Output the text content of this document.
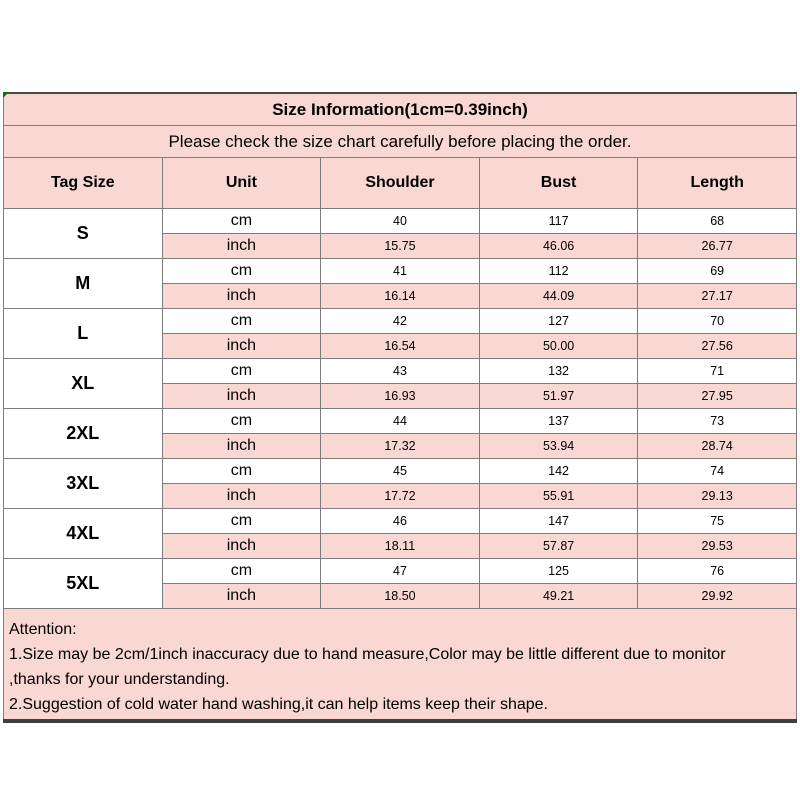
Size Information(1cm=0.39inch)				
Please check the size chart carefully before placing the order.				
Tag Size	Unit	Shoulder	Bust	Length
S	cm	40	117	68
	inch	15.75	46.06	26.77
M	cm	41	112	69
	inch	16.14	44.09	27.17
L	cm	42	127	70
	inch	16.54	50.00	27.56
XL	cm	43	132	71
	inch	16.93	51.97	27.95
2XL	cm	44	137	73
	inch	17.32	53.94	28.74
3XL	cm	45	142	74
	inch	17.72	55.91	29.13
4XL	cm	46	147	75
	inch	18.11	57.87	29.53
5XL	cm	47	125	76
	inch	18.50	49.21	29.92

Attention:
1.Size may be 2cm/1inch inaccuracy due to hand measure,Color may be little different due to monitor
,thanks for your understanding.
2.Suggestion of cold water hand washing,it can help items keep their shape.				
